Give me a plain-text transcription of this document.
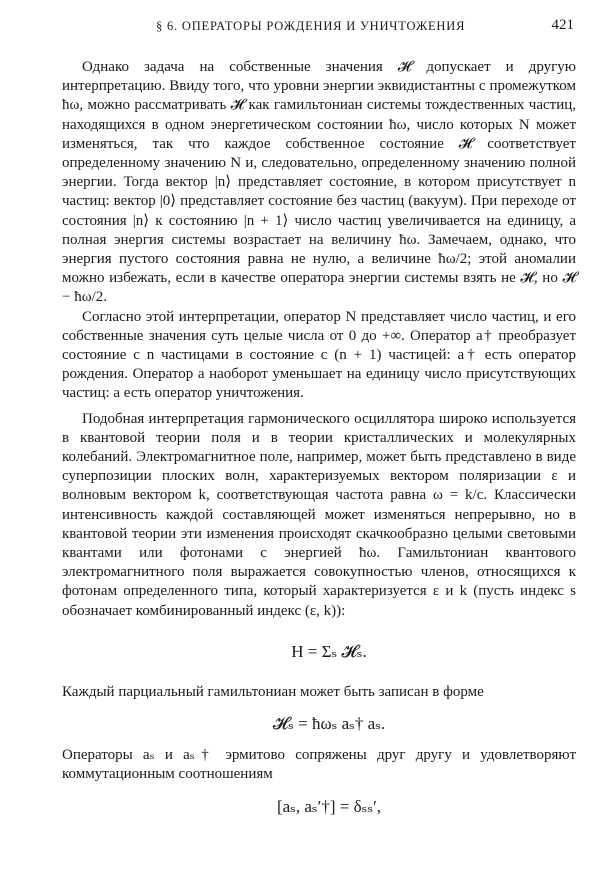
§ 6. ОПЕРАТОРЫ РОЖДЕНИЯ И УНИЧТОЖЕНИЯ	421

Однако задача на собственные значения 𝓗 допускает и другую интерпретацию. Ввиду того, что уровни энергии эквидистантны с промежутком ħω, можно рассматривать 𝓗 как гамильтониан системы тождественных частиц, находящихся в одном энергетическом состоянии ħω, число которых N может изменяться, так что каждое собственное состояние 𝓗 соответствует определенному значению N и, следовательно, определенному значению полной энергии. Тогда вектор |n⟩ представляет состояние, в котором присутствует n частиц: вектор |0⟩ представляет состояние без частиц (вакуум). При переходе от состояния |n⟩ к состоянию |n + 1⟩ число частиц увеличивается на единицу, а полная энергия системы возрастает на величину ħω. Замечаем, однако, что энергия пустого состояния равна не нулю, а величине ħω/2; этой аномалии можно избежать, если в качестве оператора энергии системы взять не 𝓗, но 𝓗 − ħω/2.

Согласно этой интерпретации, оператор N представляет число частиц, и его собственные значения суть целые числа от 0 до +∞. Оператор a† преобразует состояние с n частицами в состояние с (n + 1) частицей: a† есть оператор рождения. Оператор a наоборот уменьшает на единицу число присутствующих частиц: a есть оператор уничтожения.

Подобная интерпретация гармонического осциллятора широко используется в квантовой теории поля и в теории кристаллических и молекулярных колебаний. Электромагнитное поле, например, может быть представлено в виде суперпозиции плоских волн, характеризуемых вектором поляризации ε и волновым вектором k, соответствующая частота равна ω = k/c. Классически интенсивность каждой составляющей может изменяться непрерывно, но в квантовой теории эти изменения происходят скачкообразно целыми световыми квантами или фотонами с энергией ħω. Гамильтониан квантового электромагнитного поля выражается совокупностью членов, относящихся к фотонам определенного типа, который характеризуется ε и k (пусть индекс s обозначает комбинированный индекс (ε, k)):

H = Σₛ 𝓗ₛ.

Каждый парциальный гамильтониан может быть записан в форме

𝓗ₛ = ħωₛ aₛ† aₛ.

Операторы aₛ и aₛ† эрмитово сопряжены друг другу и удовлетворяют коммутационным соотношениям

[aₛ, aₛ′†] = δₛₛ′,
